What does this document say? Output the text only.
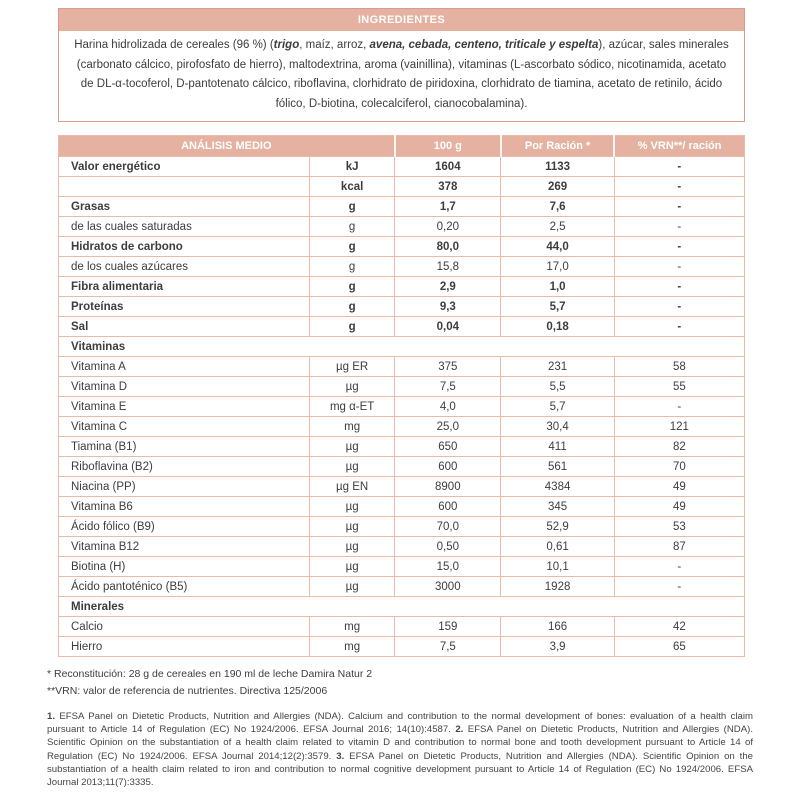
INGREDIENTES
Harina hidrolizada de cereales (96 %) (trigo, maíz, arroz, avena, cebada, centeno, triticale y espelta), azúcar, sales minerales (carbonato cálcico, pirofosfato de hierro), maltodextrina, aroma (vainillina), vitaminas (L-ascorbato sódico, nicotinamida, acetato de DL-α-tocoferol, D-pantotenato cálcico, riboflavina, clorhidrato de piridoxina, clorhidrato de tiamina, acetato de retinilo, ácido fólico, D-biotina, colecalciferol, cianocobalamina).
ANÁLISIS MEDIO		100 g	Por Ración *	% VRN**/ ración
Valor energético	kJ	1604	1133	-
	kcal	378	269	-
Grasas	g	1,7	7,6	-
de las cuales saturadas	g	0,20	2,5	-
Hidratos de carbono	g	80,0	44,0	-
de los cuales azúcares	g	15,8	17,0	-
Fibra alimentaria	g	2,9	1,0	-
Proteínas	g	9,3	5,7	-
Sal	g	0,04	0,18	-
Vitaminas				
Vitamina A	µg ER	375	231	58
Vitamina D	µg	7,5	5,5	55
Vitamina E	mg α-ET	4,0	5,7	-
Vitamina C	mg	25,0	30,4	121
Tiamina (B1)	µg	650	411	82
Riboflavina (B2)	µg	600	561	70
Niacina (PP)	µg EN	8900	4384	49
Vitamina B6	µg	600	345	49
Ácido fólico (B9)	µg	70,0	52,9	53
Vitamina B12	µg	0,50	0,61	87
Biotina (H)	µg	15,0	10,1	-
Ácido pantoténico (B5)	µg	3000	1928	-
Minerales				
Calcio	mg	159	166	42
Hierro	mg	7,5	3,9	65
* Reconstitución: 28 g de cereales en 190 ml de leche Damira Natur 2
**VRN: valor de referencia de nutrientes. Directiva 125/2006

1. EFSA Panel on Dietetic Products, Nutrition and Allergies (NDA). Calcium and contribution to the normal development of bones: evaluation of a health claim pursuant to Article 14 of Regulation (EC) No 1924/2006. EFSA Journal 2016; 14(10):4587. 2. EFSA Panel on Dietetic Products, Nutrition and Allergies (NDA). Scientific Opinion on the substantiation of a health claim related to vitamin D and contribution to normal bone and tooth development pursuant to Article 14 of Regulation (EC) No 1924/2006. EFSA Journal 2014;12(2):3579. 3. EFSA Panel on Dietetic Products, Nutrition and Allergies (NDA). Scientific Opinion on the substantiation of a health claim related to iron and contribution to normal cognitive development pursuant to Article 14 of Regulation (EC) No 1924/2006. EFSA Journal 2013;11(7):3335.
